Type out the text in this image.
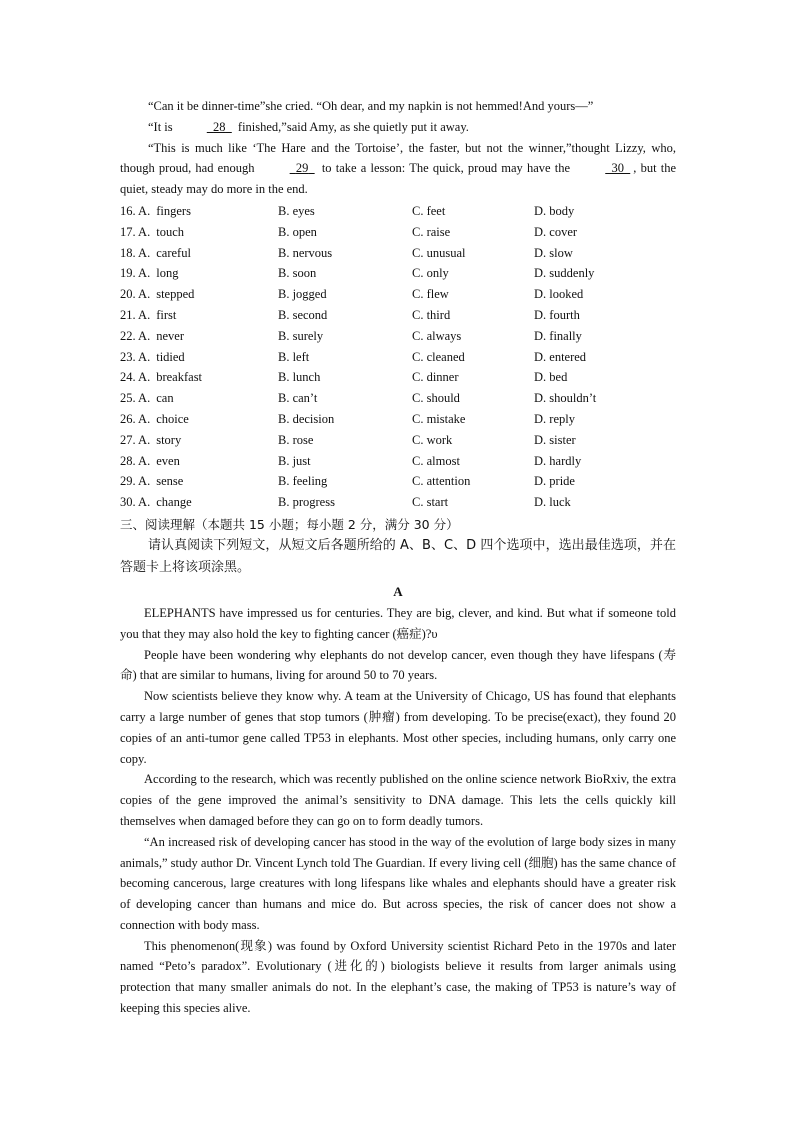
“Can it be dinner-time”she cried. “Oh dear, and my napkin is not hemmed!And yours—”

“It is	28   finished,”said Amy, as she quietly put it away.

“This is much like ‘The Hare and the Tortoise’, the faster, but not the winner,”thought Lizzy, who, though proud, had enough	29   to take a lesson: The quick, proud may have the	30 , but the quiet, steady may do more in the end.

16. A. fingers	B. eyes	C. feet	D. body
17. A. touch	B. open	C. raise	D. cover
18. A. careful	B. nervous	C. unusual	D. slow
19. A. long	B. soon	C. only	D. suddenly
20. A. stepped	B. jogged	C. flew	D. looked
21. A. first	B. second	C. third	D. fourth
22. A. never	B. surely	C. always	D. finally
23. A. tidied	B. left	C. cleaned	D. entered
24. A. breakfast	B. lunch	C. dinner	D. bed
25. A. can	B. can’t	C. should	D. shouldn’t
26. A. choice	B. decision	C. mistake	D. reply
27. A. story	B. rose	C. work	D. sister
28. A. even	B. just	C. almost	D. hardly
29. A. sense	B. feeling	C. attention	D. pride
30. A. change	B. progress	C. start	D. luck
三、阅读理解（本题共 15 小题；每小题 2 分，满分 30 分）

请认真阅读下列短文，从短文后各题所给的 A、B、C、D 四个选项中，选出最佳选项，并在答题卡上将该项涂黑。

A

ELEPHANTS have impressed us for centuries. They are big, clever, and kind. But what if someone told you that they may also hold the key to fighting cancer (癌症)?υ

People have been wondering why elephants do not develop cancer, even though they have lifespans (寿命) that are similar to humans, living for around 50 to 70 years.

Now scientists believe they know why. A team at the University of Chicago, US has found that elephants carry a large number of genes that stop tumors (肿瘤) from developing. To be precise(exact), they found 20 copies of an anti-tumor gene called TP53 in elephants. Most other species, including humans, only carry one copy.

According to the research, which was recently published on the online science network BioRxiv, the extra copies of the gene improved the animal’s sensitivity to DNA damage. This lets the cells quickly kill themselves when damaged before they can go on to form deadly tumors.

“An increased risk of developing cancer has stood in the way of the evolution of large body sizes in many animals,” study author Dr. Vincent Lynch told The Guardian. If every living cell (细胞) has the same chance of becoming cancerous, large creatures with long lifespans like whales and elephants should have a greater risk of developing cancer than humans and mice do. But across species, the risk of cancer does not show a connection with body mass.

This phenomenon(现象) was found by Oxford University scientist Richard Peto in the 1970s and later named “Peto’s paradox”. Evolutionary (进化的) biologists believe it results from larger animals using protection that many smaller animals do not. In the elephant’s case, the making of TP53 is nature’s way of keeping this species alive.
